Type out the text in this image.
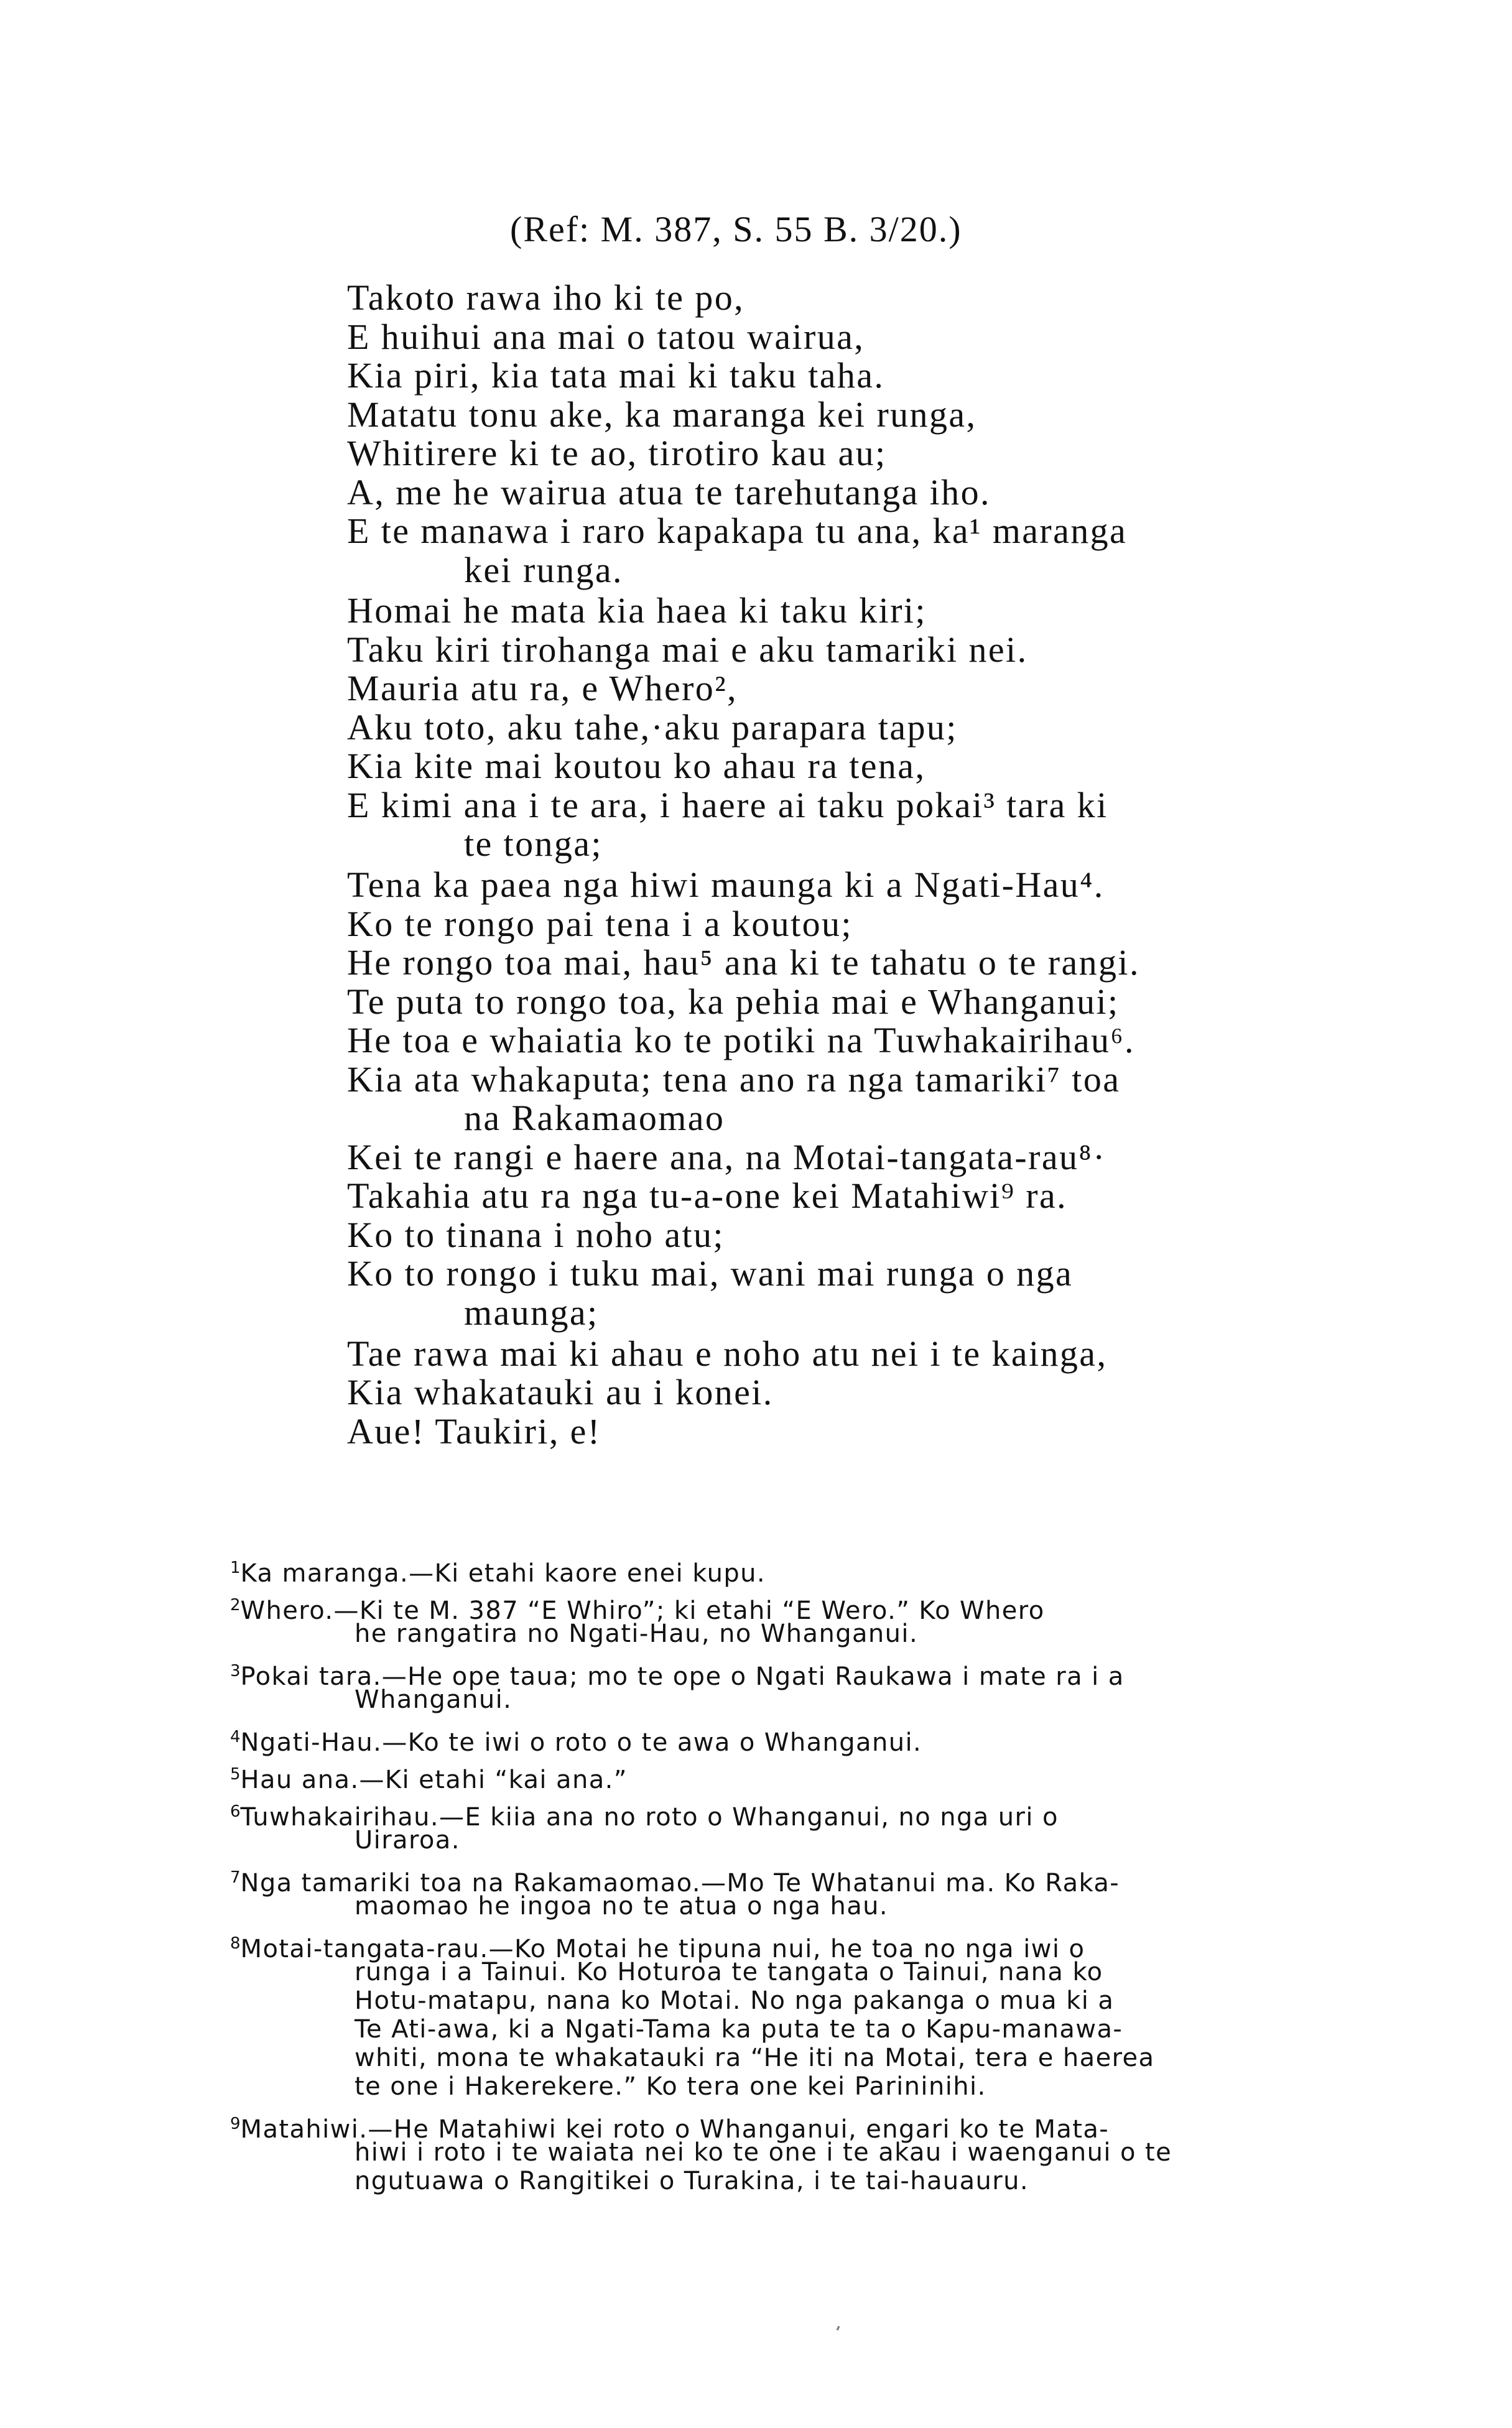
(Ref: M. 387, S. 55 B. 3/20.)
Takoto rawa iho ki te po,
E huihui ana mai o tatou wairua,
Kia piri, kia tata mai ki taku taha.
Matatu tonu ake, ka maranga kei runga,
Whitirere ki te ao, tirotiro kau au;
A, me he wairua atua te tarehutanga iho.
E te manawa i raro kapakapa tu ana, ka¹ maranga
kei runga.
Homai he mata kia haea ki taku kiri;
Taku kiri tirohanga mai e aku tamariki nei.
Mauria atu ra, e Whero²,
Aku toto, aku tahe,·aku parapara tapu;
Kia kite mai koutou ko ahau ra tena,
E kimi ana i te ara, i haere ai taku pokai³ tara ki
te tonga;
Tena ka paea nga hiwi maunga ki a Ngati-Hau⁴.
Ko te rongo pai tena i a koutou;
He rongo toa mai, hau⁵ ana ki te tahatu o te rangi.
Te puta to rongo toa, ka pehia mai e Whanganui;
He toa e whaiatia ko te potiki na Tuwhakairihau⁶.
Kia ata whakaputa; tena ano ra nga tamariki⁷ toa
na Rakamaomao
Kei te rangi e haere ana, na Motai-tangata-rau⁸·
Takahia atu ra nga tu-a-one kei Matahiwi⁹ ra.
Ko to tinana i noho atu;
Ko to rongo i tuku mai, wani mai runga o nga
maunga;
Tae rawa mai ki ahau e noho atu nei i te kainga,
Kia whakatauki au i konei.
Aue! Taukiri, e!
$^1$Ka maranga.—Ki etahi kaore enei kupu.
$^2$Whero.—Ki te M. 387 “E Whiro”; ki etahi “E Wero.” Ko Whero
he rangatira no Ngati-Hau, no Whanganui.
$^3$Pokai tara.—He ope taua; mo te ope o Ngati Raukawa i mate ra i a
Whanganui.
$^4$Ngati-Hau.—Ko te iwi o roto o te awa o Whanganui.
$^5$Hau ana.—Ki etahi “kai ana.”
$^6$Tuwhakairihau.—E kiia ana no roto o Whanganui, no nga uri o
Uiraroa.
$^7$Nga tamariki toa na Rakamaomao.—Mo Te Whatanui ma. Ko Raka-
maomao he ingoa no te atua o nga hau.
$^8$Motai-tangata-rau.—Ko Motai he tipuna nui, he toa no nga iwi o
runga i a Tainui. Ko Hoturoa te tangata o Tainui, nana ko
Hotu-matapu, nana ko Motai. No nga pakanga o mua ki a
Te Ati-awa, ki a Ngati-Tama ka puta te ta o Kapu-manawa-
whiti, mona te whakatauki ra “He iti na Motai, tera e haerea
te one i Hakerekere.” Ko tera one kei Parininihi.
$^9$Matahiwi.—He Matahiwi kei roto o Whanganui, engari ko te Mata-
hiwi i roto i te waiata nei ko te one i te akau i waenganui o te
ngutuawa o Rangitikei o Turakina, i te tai-hauauru.
